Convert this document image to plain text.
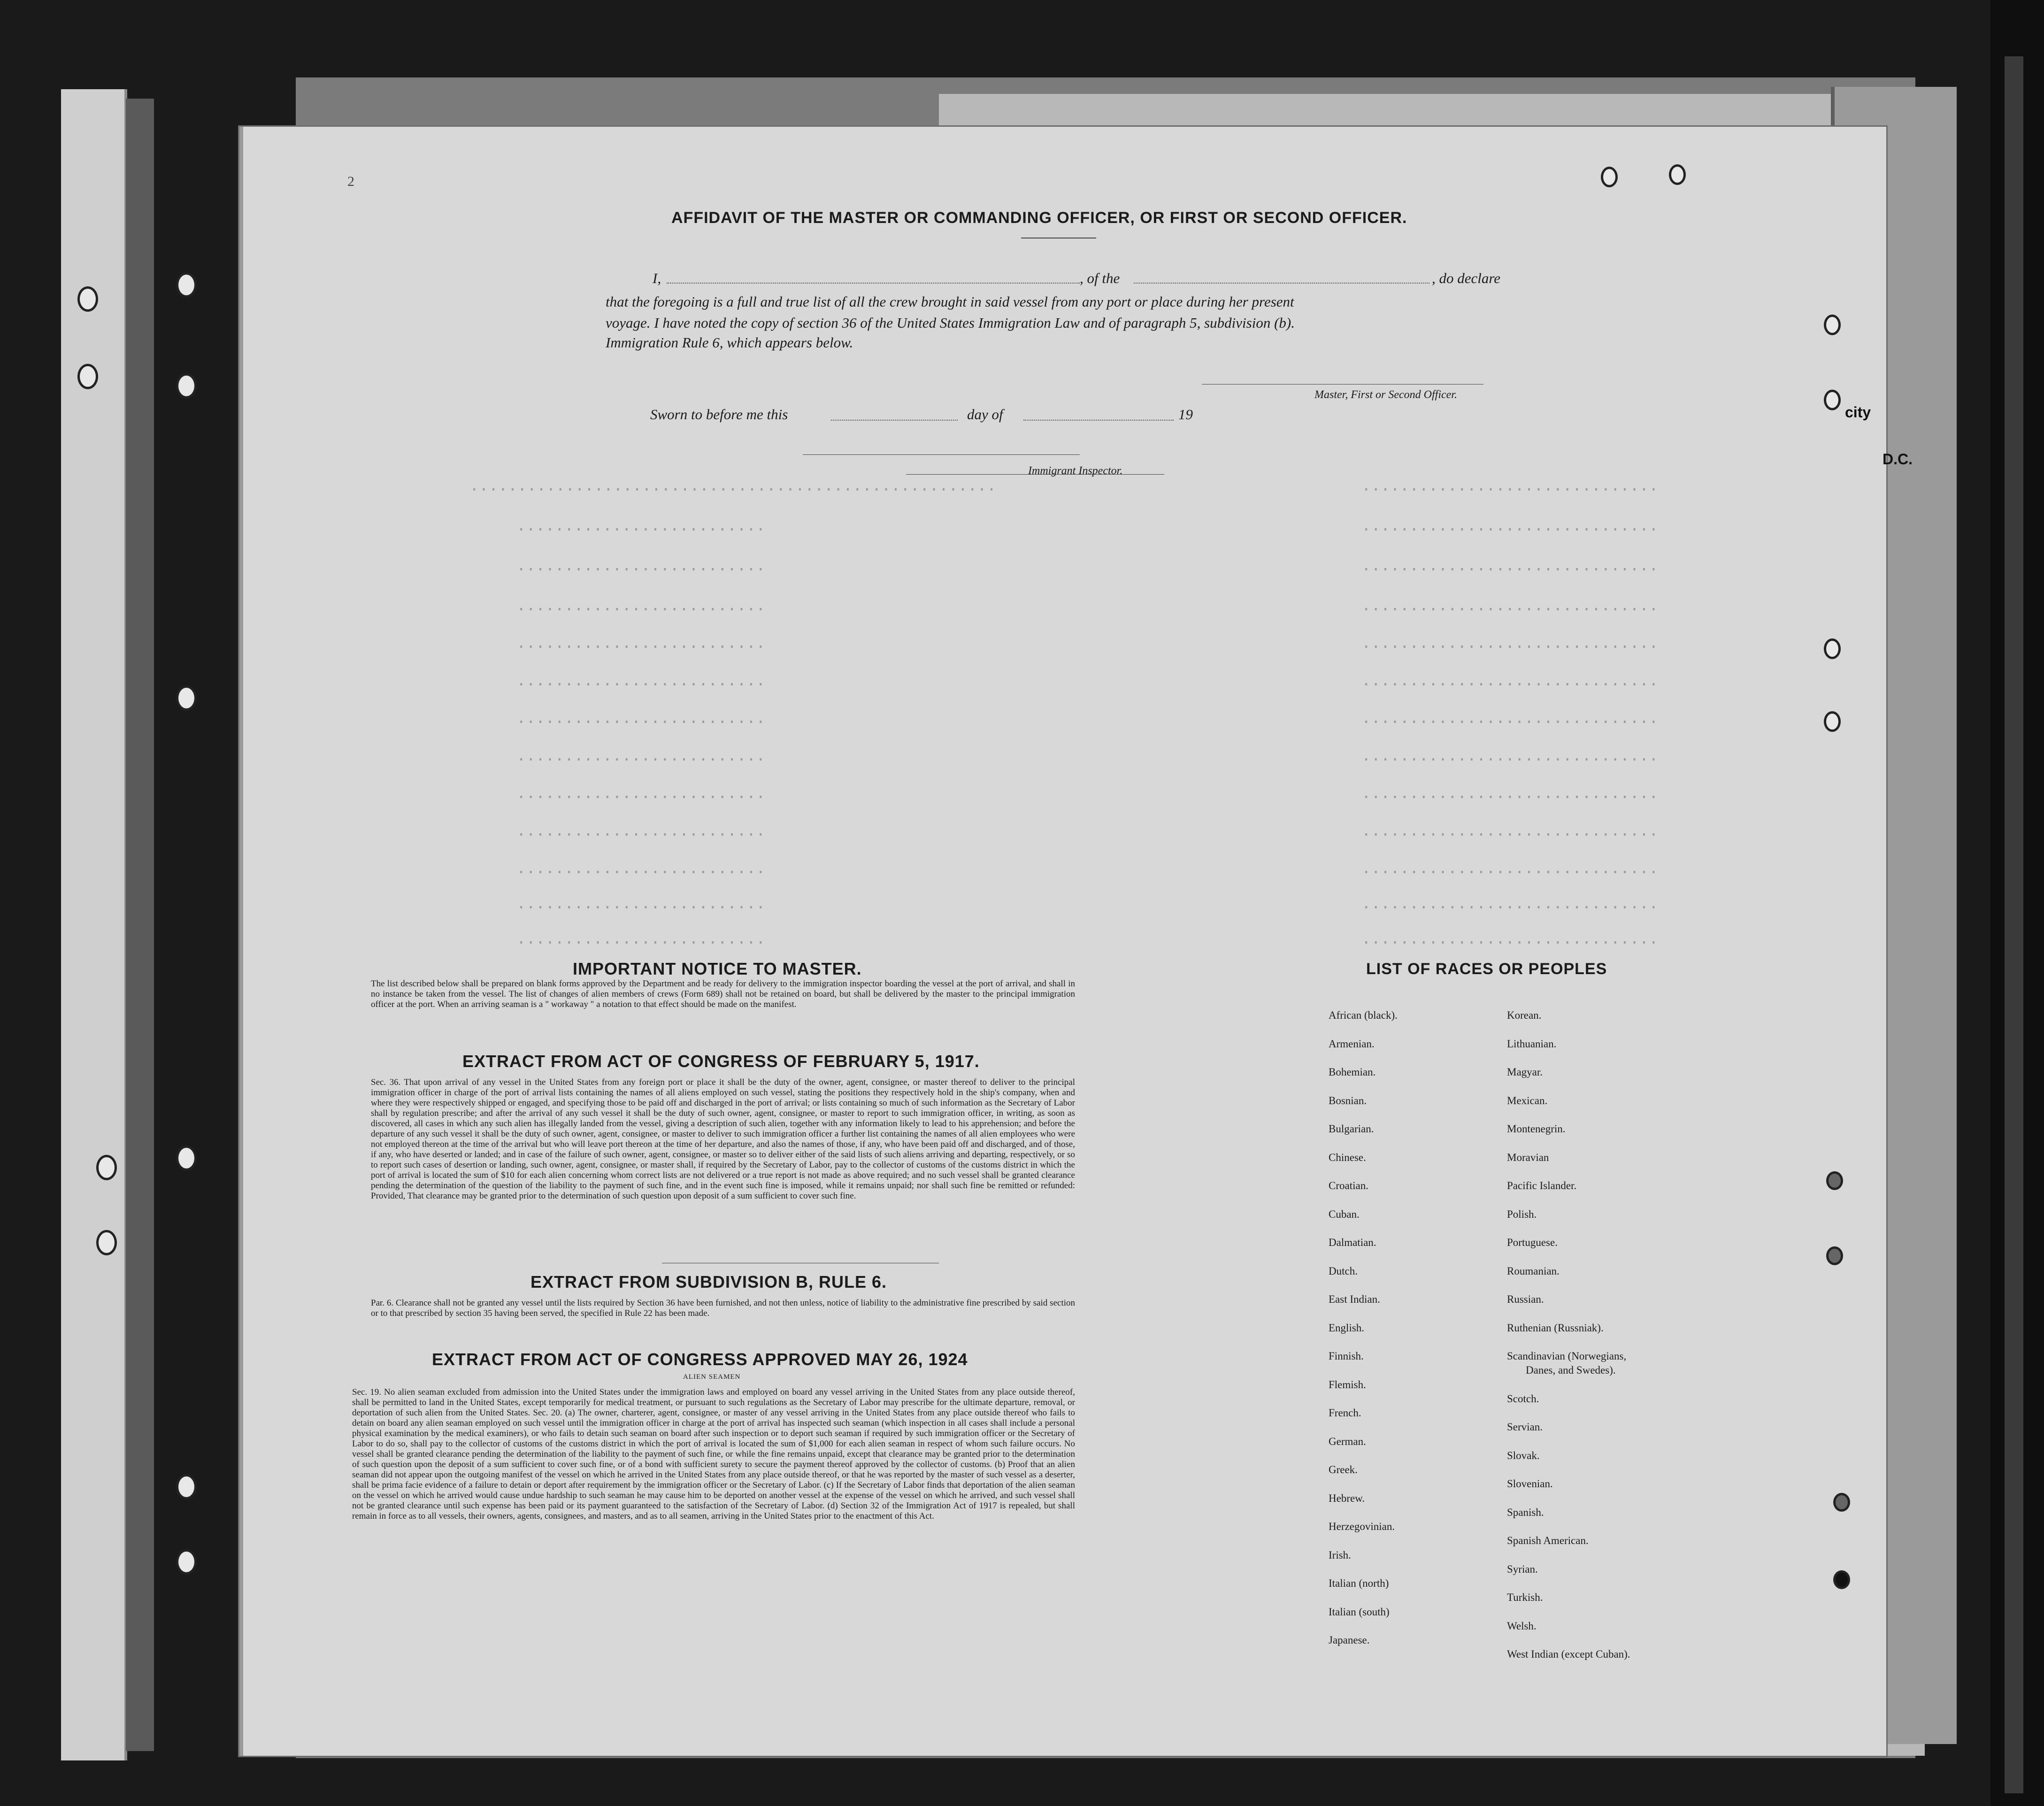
city
D.C.
2
·······················································
··························
··························
··························
··························
··························
··························
··························
··························
··························
··························
··························
··························
·······························
·······························
·······························
·······························
·······························
·······························
·······························
·······························
·······························
·······························
·······························
·······························
·······························
AFFIDAVIT OF THE MASTER OR COMMANDING OFFICER, OR FIRST OR SECOND OFFICER.
I,	, of the	, do declare
that the foregoing is a full and true list of all the crew brought in said vessel from any port or place during her present
voyage. I have noted the copy of section 36 of the United States Immigration Law and of paragraph 5, subdivision (b).
Immigration Rule 6, which appears below.
Master, First or Second Officer.
Sworn to before me this	day of	19
Immigrant Inspector.
IMPORTANT NOTICE TO MASTER.
The list described below shall be prepared on blank forms approved by the Department and be ready for delivery to the immigration inspector boarding the vessel at the port of arrival, and shall in no instance be taken from the vessel. The list of changes of alien members of crews (Form 689) shall not be retained on board, but shall be delivered by the master to the principal immigration officer at the port. When an arriving seaman is a " workaway " a notation to that effect should be made on the manifest.
EXTRACT FROM ACT OF CONGRESS OF FEBRUARY 5, 1917.
Sec. 36. That upon arrival of any vessel in the United States from any foreign port or place it shall be the duty of the owner, agent, consignee, or master thereof to deliver to the principal immigration officer in charge of the port of arrival lists containing the names of all aliens employed on such vessel, stating the positions they respectively hold in the ship's company, when and where they were respectively shipped or engaged, and specifying those to be paid off and discharged in the port of arrival; or lists containing so much of such information as the Secretary of Labor shall by regulation prescribe; and after the arrival of any such vessel it shall be the duty of such owner, agent, consignee, or master to report to such immigration officer, in writing, as soon as discovered, all cases in which any such alien has illegally landed from the vessel, giving a description of such alien, together with any information likely to lead to his apprehension; and before the departure of any such vessel it shall be the duty of such owner, agent, consignee, or master to deliver to such immigration officer a further list containing the names of all alien employees who were not employed thereon at the time of the arrival but who will leave port thereon at the time of her departure, and also the names of those, if any, who have been paid off and discharged, and of those, if any, who have deserted or landed; and in case of the failure of such owner, agent, consignee, or master so to deliver either of the said lists of such aliens arriving and departing, respectively, or so to report such cases of desertion or landing, such owner, agent, consignee, or master shall, if required by the Secretary of Labor, pay to the collector of customs of the customs district in which the port of arrival is located the sum of $10 for each alien concerning whom correct lists are not delivered or a true report is not made as above required; and no such vessel shall be granted clearance pending the determination of the question of the liability to the payment of such fine, and in the event such fine is imposed, while it remains unpaid; nor shall such fine be remitted or refunded: Provided, That clearance may be granted prior to the determination of such question upon deposit of a sum sufficient to cover such fine.
EXTRACT FROM SUBDIVISION B, RULE 6.
Par. 6. Clearance shall not be granted any vessel until the lists required by Section 36 have been furnished, and not then unless, notice of liability to the administrative fine prescribed by said section or to that prescribed by section 35 having been served, the specified in Rule 22 has been made.
EXTRACT FROM ACT OF CONGRESS APPROVED MAY 26, 1924
ALIEN SEAMEN
Sec. 19. No alien seaman excluded from admission into the United States under the immigration laws and employed on board any vessel arriving in the United States from any place outside thereof, shall be permitted to land in the United States, except temporarily for medical treatment, or pursuant to such regulations as the Secretary of Labor may prescribe for the ultimate departure, removal, or deportation of such alien from the United States. Sec. 20. (a) The owner, charterer, agent, consignee, or master of any vessel arriving in the United States from any place outside thereof who fails to detain on board any alien seaman employed on such vessel until the immigration officer in charge at the port of arrival has inspected such seaman (which inspection in all cases shall include a personal physical examination by the medical examiners), or who fails to detain such seaman on board after such inspection or to deport such seaman if required by such immigration officer or the Secretary of Labor to do so, shall pay to the collector of customs of the customs district in which the port of arrival is located the sum of $1,000 for each alien seaman in respect of whom such failure occurs. No vessel shall be granted clearance pending the determination of the liability to the payment of such fine, or while the fine remains unpaid, except that clearance may be granted prior to the determination of such question upon the deposit of a sum sufficient to cover such fine, or of a bond with sufficient surety to secure the payment thereof approved by the collector of customs. (b) Proof that an alien seaman did not appear upon the outgoing manifest of the vessel on which he arrived in the United States from any place outside thereof, or that he was reported by the master of such vessel as a deserter, shall be prima facie evidence of a failure to detain or deport after requirement by the immigration officer or the Secretary of Labor. (c) If the Secretary of Labor finds that deportation of the alien seaman on the vessel on which he arrived would cause undue hardship to such seaman he may cause him to be deported on another vessel at the expense of the vessel on which he arrived, and such vessel shall not be granted clearance until such expense has been paid or its payment guaranteed to the satisfaction of the Secretary of Labor. (d) Section 32 of the Immigration Act of 1917 is repealed, but shall remain in force as to all vessels, their owners, agents, consignees, and masters, and as to all seamen, arriving in the United States prior to the enactment of this Act.
LIST OF RACES OR PEOPLES
African (black).
Armenian.
Bohemian.
Bosnian.
Bulgarian.
Chinese.
Croatian.
Cuban.
Dalmatian.
Dutch.
East Indian.
English.
Finnish.
Flemish.
French.
German.
Greek.
Hebrew.
Herzegovinian.
Irish.
Italian (north)
Italian (south)
Japanese.
Korean.
Lithuanian.
Magyar.
Mexican.
Montenegrin.
Moravian
Pacific Islander.
Polish.
Portuguese.
Roumanian.
Russian.
Ruthenian (Russniak).
Scandinavian (Norwegians,
Danes, and Swedes).
Scotch.
Servian.
Slovak.
Slovenian.
Spanish.
Spanish American.
Syrian.
Turkish.
Welsh.
West Indian (except Cuban).
